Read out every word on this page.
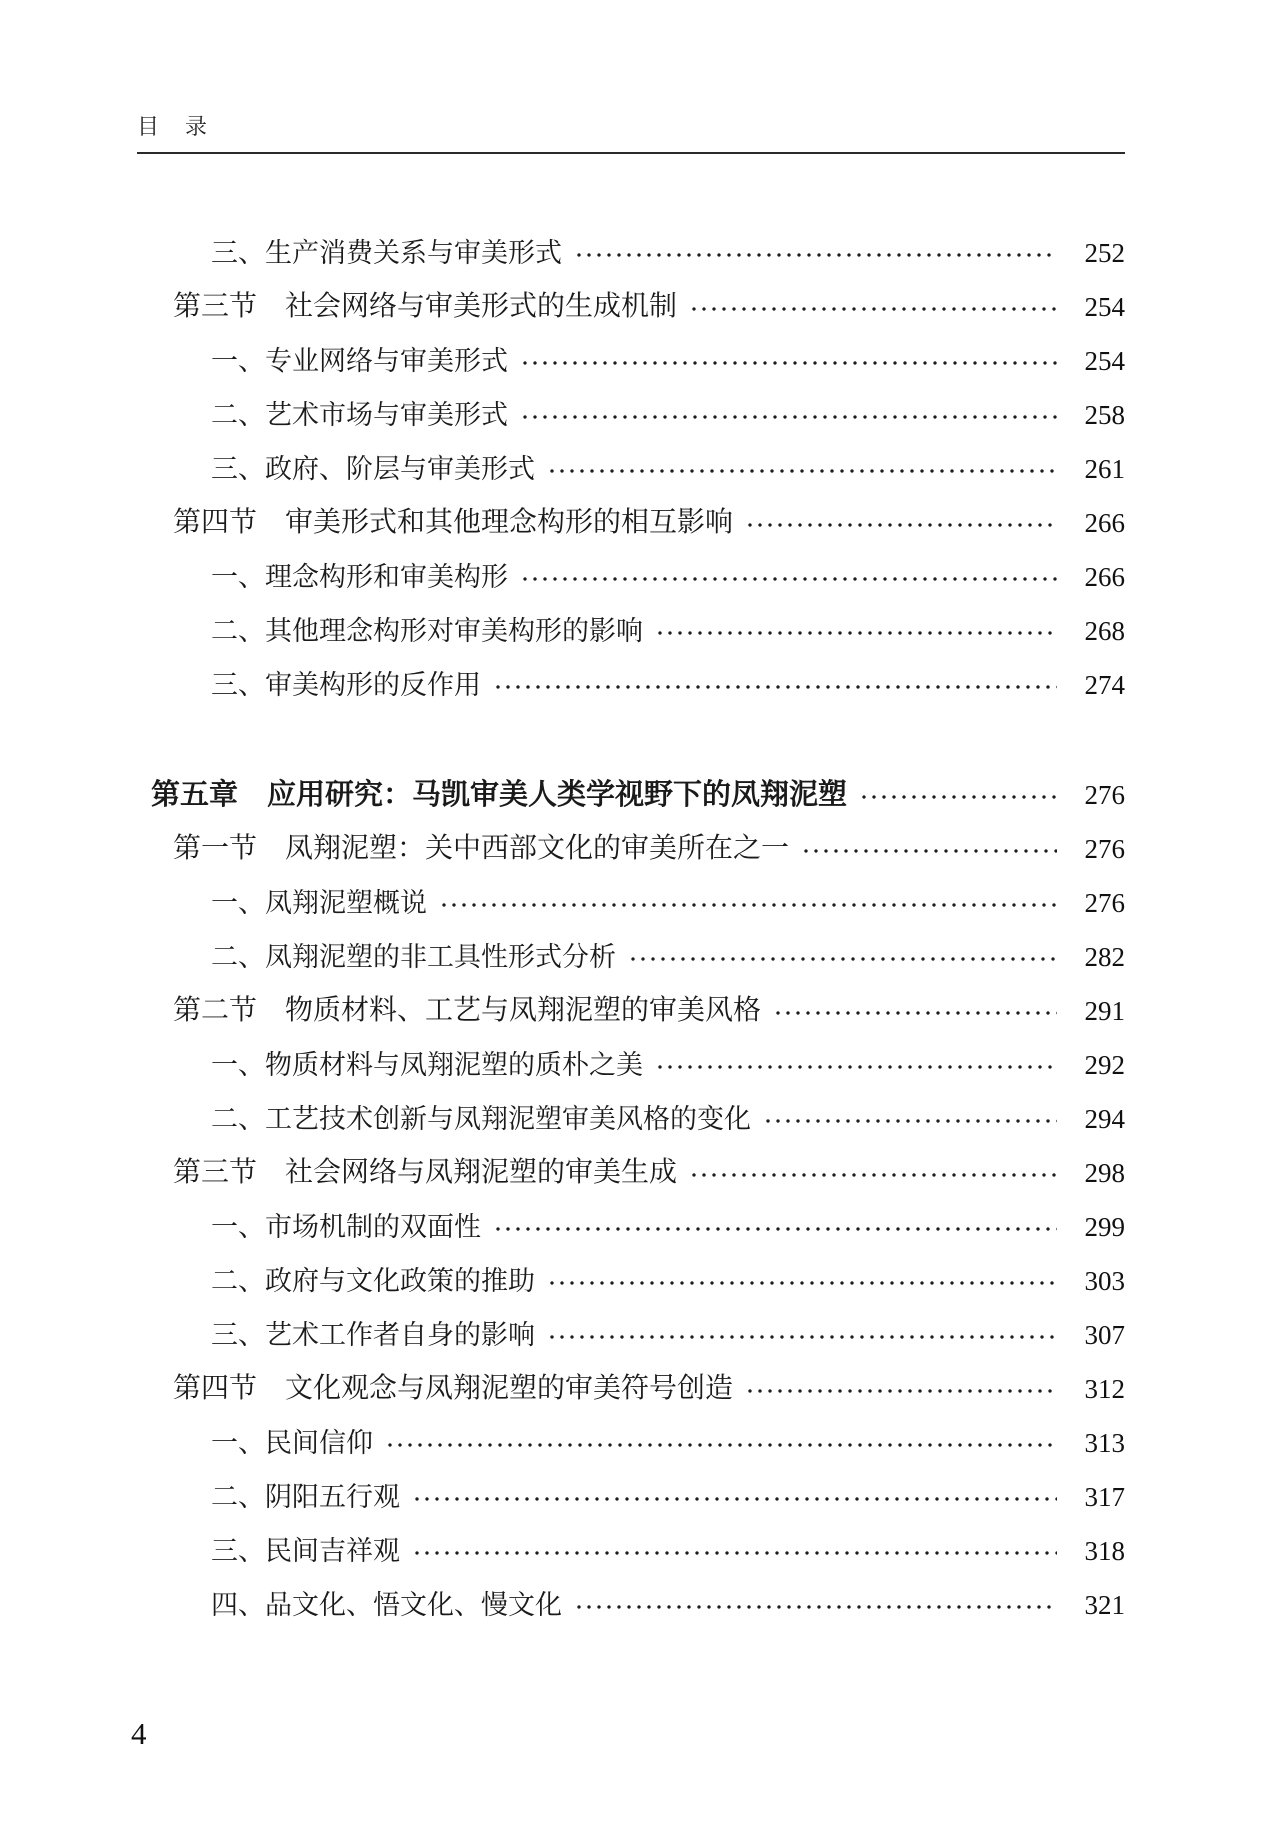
目　录
三、生产消费关系与审美形式	252
第三节　社会网络与审美形式的生成机制	254
一、专业网络与审美形式	254
二、艺术市场与审美形式	258
三、政府、阶层与审美形式	261
第四节　审美形式和其他理念构形的相互影响	266
一、理念构形和审美构形	266
二、其他理念构形对审美构形的影响	268
三、审美构形的反作用	274
第五章　应用研究：马凯审美人类学视野下的凤翔泥塑	276
第一节　凤翔泥塑：关中西部文化的审美所在之一	276
一、凤翔泥塑概说	276
二、凤翔泥塑的非工具性形式分析	282
第二节　物质材料、工艺与凤翔泥塑的审美风格	291
一、物质材料与凤翔泥塑的质朴之美	292
二、工艺技术创新与凤翔泥塑审美风格的变化	294
第三节　社会网络与凤翔泥塑的审美生成	298
一、市场机制的双面性	299
二、政府与文化政策的推助	303
三、艺术工作者自身的影响	307
第四节　文化观念与凤翔泥塑的审美符号创造	312
一、民间信仰	313
二、阴阳五行观	317
三、民间吉祥观	318
四、品文化、悟文化、慢文化	321
4
